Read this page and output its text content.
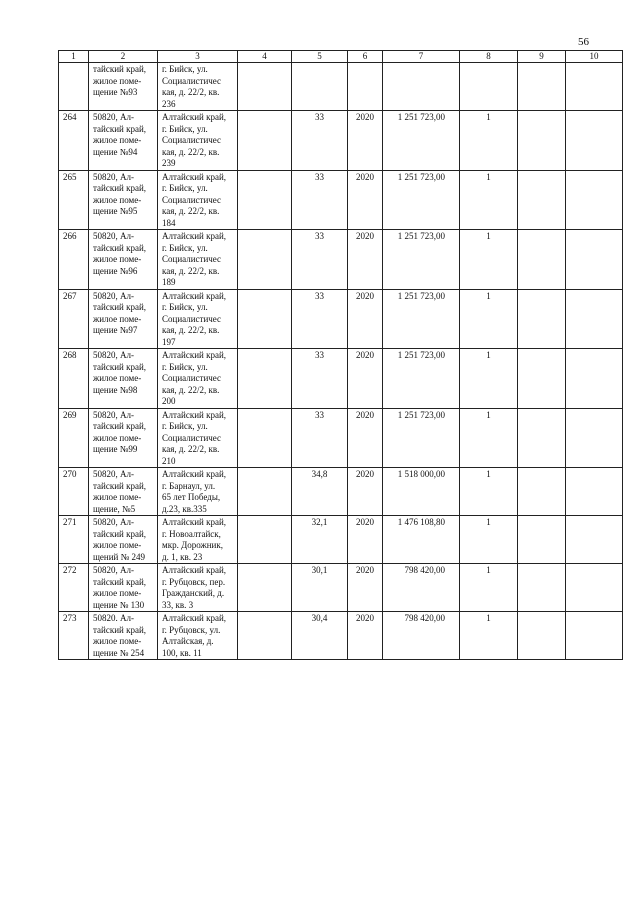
56
1	2	3	4	5	6	7	8	9	10
	тайский край,
жилое поме-
щение №93	г. Бийск, ул.
Социалистичес
кая, д. 22/2, кв.
236							
264	50820, Ал-
тайский край,
жилое поме-
щение №94	Алтайский край,
г. Бийск, ул.
Социалистичес
кая, д. 22/2, кв.
239		33	2020	1 251 723,00	1		
265	50820, Ал-
тайский край,
жилое поме-
щение №95	Алтайский край,
г. Бийск, ул.
Социалистичес
кая, д. 22/2, кв.
184		33	2020	1 251 723,00	1		
266	50820, Ал-
тайский край,
жилое поме-
щение №96	Алтайский край,
г. Бийск, ул.
Социалистичес
кая, д. 22/2, кв.
189		33	2020	1 251 723,00	1		
267	50820, Ал-
тайский край,
жилое поме-
щение №97	Алтайский край,
г. Бийск, ул.
Социалистичес
кая, д. 22/2, кв.
197		33	2020	1 251 723,00	1		
268	50820, Ал-
тайский край,
жилое поме-
щение №98	Алтайский край,
г. Бийск, ул.
Социалистичес
кая, д. 22/2, кв.
200		33	2020	1 251 723,00	1		
269	50820, Ал-
тайский край,
жилое поме-
щение №99	Алтайский край,
г. Бийск, ул.
Социалистичес
кая, д. 22/2, кв.
210		33	2020	1 251 723,00	1		
270	50820, Ал-
тайский край,
жилое поме-
щение, №5	Алтайский край,
г. Барнаул, ул.
65 лет Победы,
д.23, кв.335		34,8	2020	1 518 000,00	1		
271	50820, Ал-
тайский край,
жилое поме-
щений № 249	Алтайский край,
г. Новоалтайск,
мкр. Дорожник,
д. 1, кв. 23		32,1	2020	1 476 108,80	1		
272	50820, Ал-
тайский край,
жилое поме-
щение № 130	Алтайский край,
г. Рубцовск, пер.
Гражданский, д.
33, кв. 3		30,1	2020	798 420,00	1		
273	50820. Ал-
тайский край,
жилое поме-
щение № 254	Алтайский край,
г. Рубцовск, ул.
Алтайская, д.
100, кв. 11		30,4	2020	798 420,00	1		
